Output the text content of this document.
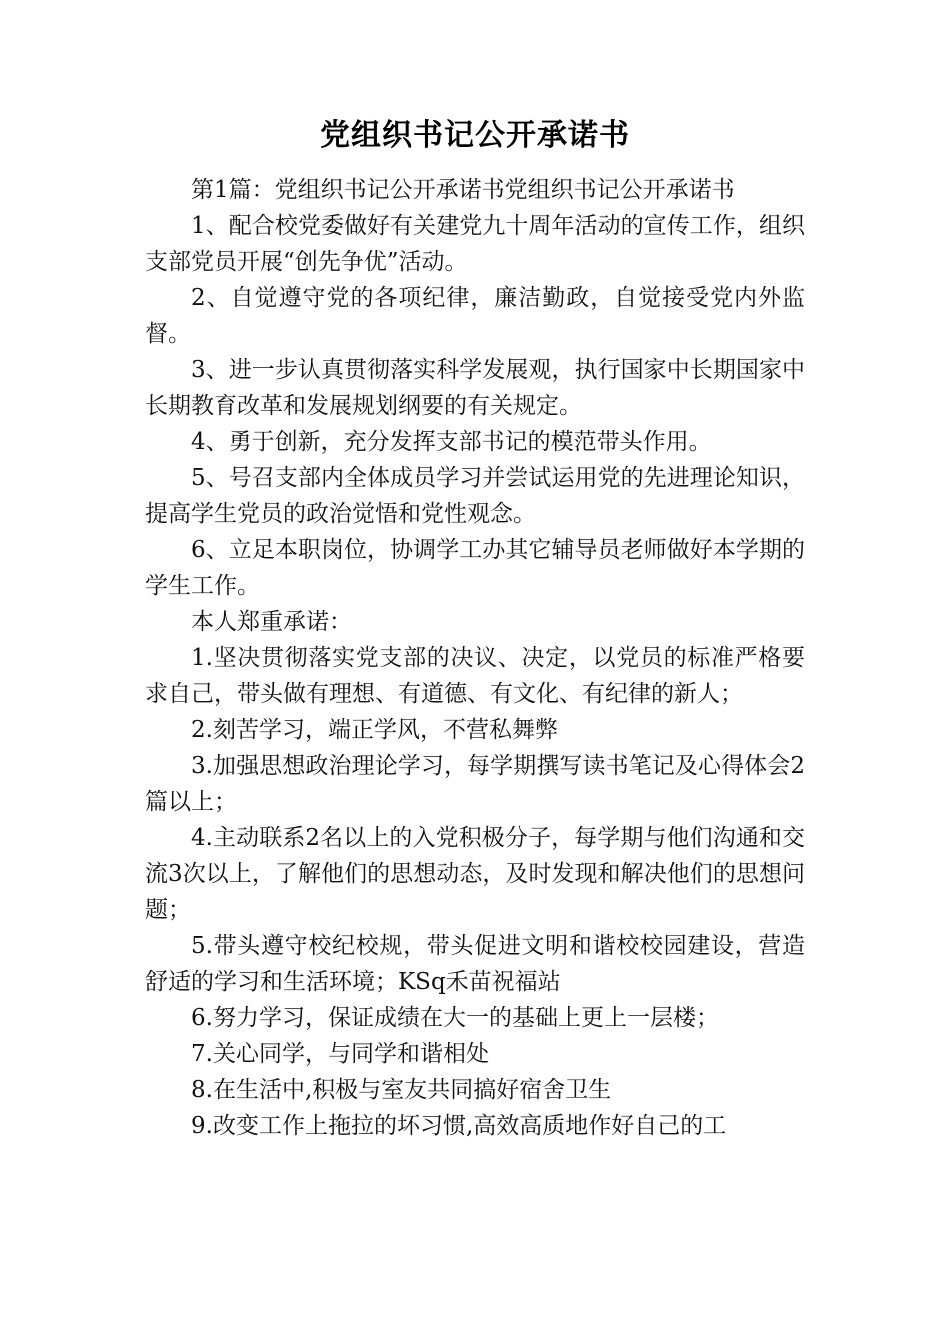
党组织书记公开承诺书

第1篇：党组织书记公开承诺书党组织书记公开承诺书

1、配合校党委做好有关建党九十周年活动的宣传工作，组织支部党员开展“创先争优”活动。

2、自觉遵守党的各项纪律，廉洁勤政，自觉接受党内外监督。

3、进一步认真贯彻落实科学发展观，执行国家中长期国家中长期教育改革和发展规划纲要的有关规定。

4、勇于创新，充分发挥支部书记的模范带头作用。

5、号召支部内全体成员学习并尝试运用党的先进理论知识，提高学生党员的政治觉悟和党性观念。

6、立足本职岗位，协调学工办其它辅导员老师做好本学期的学生工作。

本人郑重承诺：

1.坚决贯彻落实党支部的决议、决定，以党员的标准严格要求自己，带头做有理想、有道德、有文化、有纪律的新人；

2.刻苦学习，端正学风，不营私舞弊

3.加强思想政治理论学习，每学期撰写读书笔记及心得体会2篇以上；

4.主动联系2名以上的入党积极分子，每学期与他们沟通和交流3次以上，了解他们的思想动态，及时发现和解决他们的思想问题；

5.带头遵守校纪校规，带头促进文明和谐校校园建设，营造舒适的学习和生活环境；KSq禾苗祝福站

6.努力学习，保证成绩在大一的基础上更上一层楼；

7.关心同学，与同学和谐相处

8.在生活中,积极与室友共同搞好宿舍卫生

9.改变工作上拖拉的坏习惯,高效高质地作好自己的工
